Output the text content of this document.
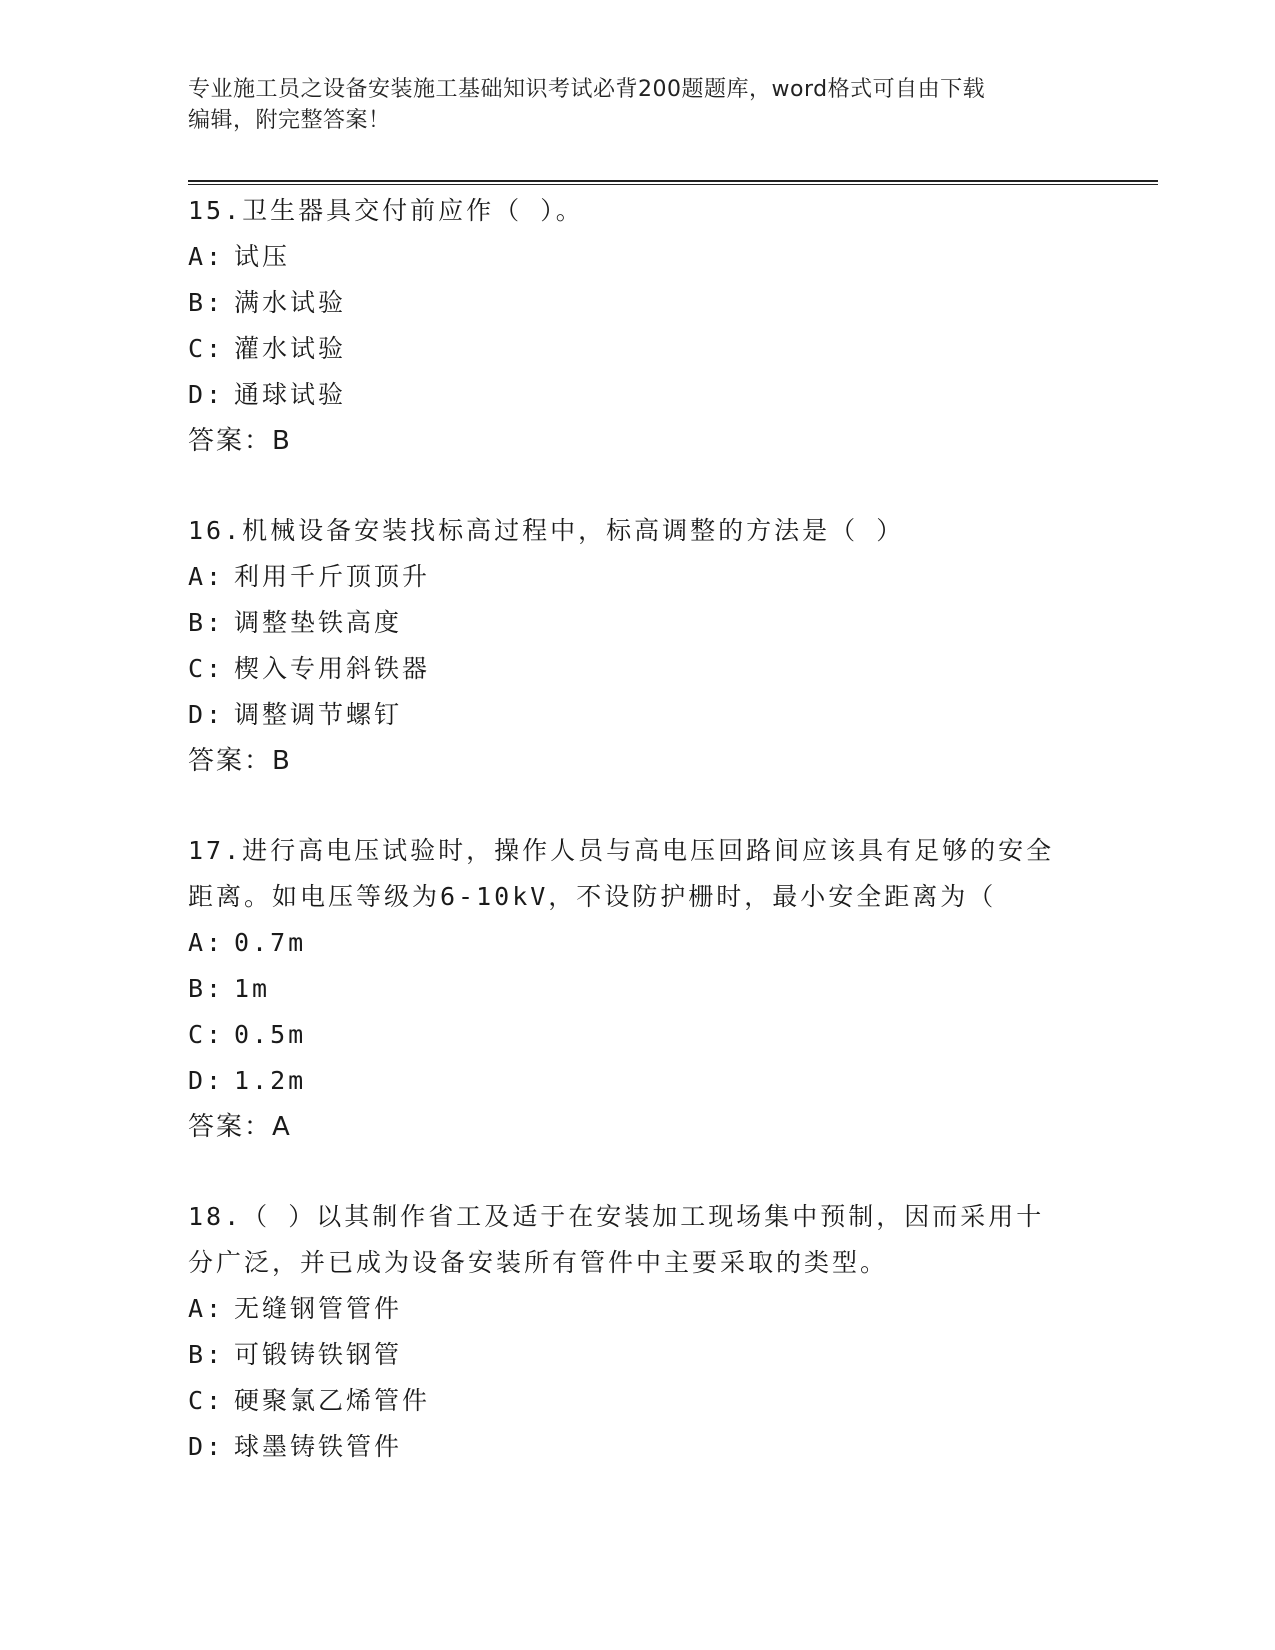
专业施工员之设备安装施工基础知识考试必背200题题库，word格式可自由下载
编辑，附完整答案！
15.卫生器具交付前应作（ ）。
A: 试压
B: 满水试验
C: 灌水试验
D: 通球试验
答案：B
16.机械设备安装找标高过程中，标高调整的方法是（ ）
A: 利用千斤顶顶升
B: 调整垫铁高度
C: 楔入专用斜铁器
D: 调整调节螺钉
答案：B
17.进行高电压试验时，操作人员与高电压回路间应该具有足够的安全
距离。如电压等级为6-10kV，不设防护栅时，最小安全距离为（
A: 0.7m
B: 1m
C: 0.5m
D: 1.2m
答案：A
18.（ ）以其制作省工及适于在安装加工现场集中预制，因而采用十
分广泛，并已成为设备安装所有管件中主要采取的类型。
A: 无缝钢管管件
B: 可锻铸铁钢管
C: 硬聚氯乙烯管件
D: 球墨铸铁管件
